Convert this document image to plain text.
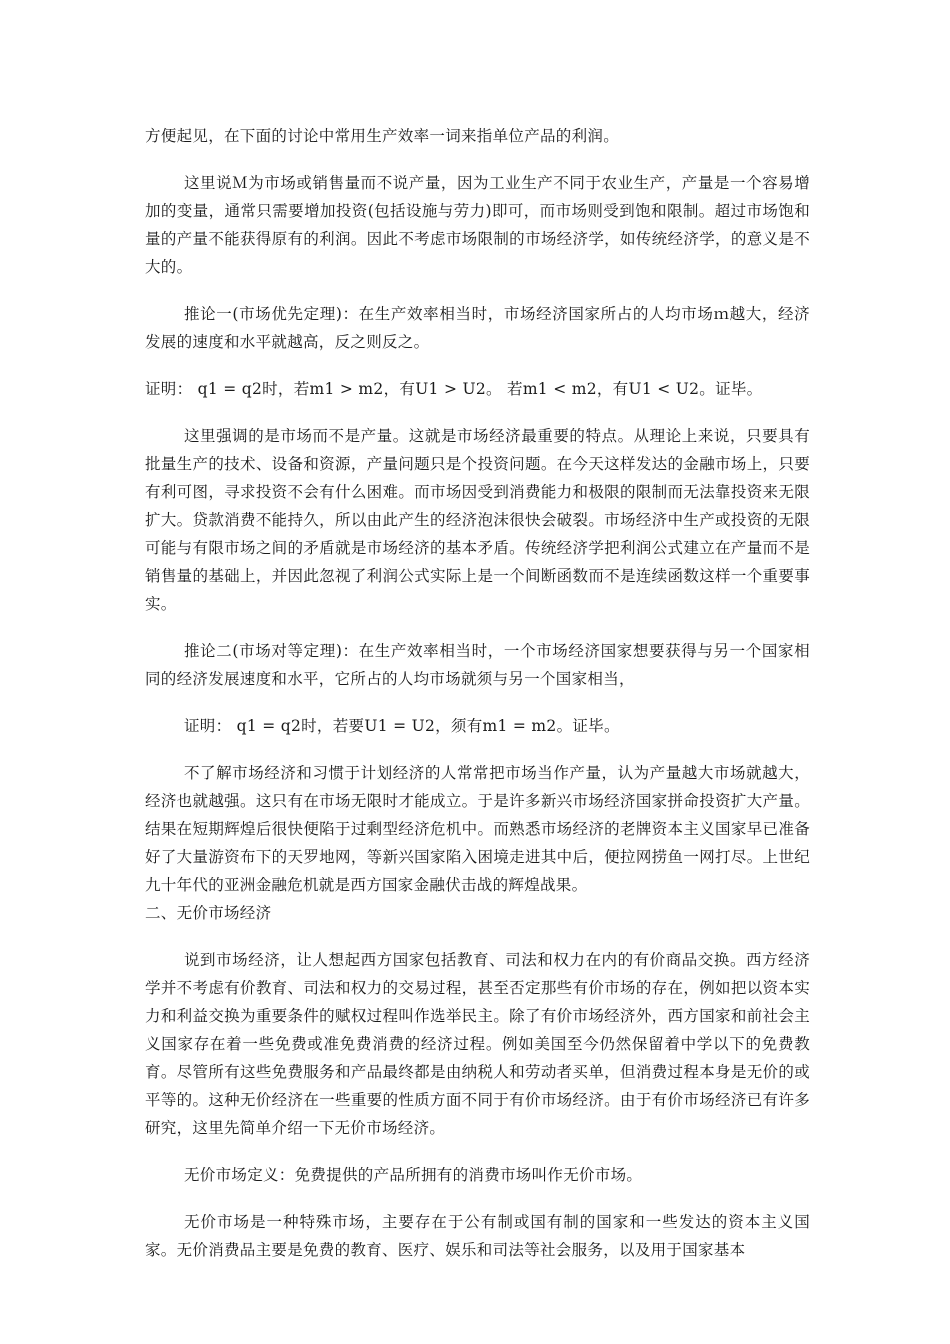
方便起见，在下面的讨论中常用生产效率一词来指单位产品的利润。

这里说Ｍ为市场或销售量而不说产量，因为工业生产不同于农业生产，产量是一个容易增加的变量，通常只需要增加投资(包括设施与劳力)即可，而市场则受到饱和限制。超过市场饱和量的产量不能获得原有的利润。因此不考虑市场限制的市场经济学，如传统经济学，的意义是不大的。

推论一(市场优先定理)：在生产效率相当时，市场经济国家所占的人均市场ｍ越大，经济发展的速度和水平就越高，反之则反之。

证明： q1 = q2时，若m1 > m2，有U1 > U2。 若m1 < m2，有U1 < U2。证毕。

这里强调的是市场而不是产量。这就是市场经济最重要的特点。从理论上来说，只要具有批量生产的技术、设备和资源，产量问题只是个投资问题。在今天这样发达的金融市场上，只要有利可图，寻求投资不会有什么困难。而市场因受到消费能力和极限的限制而无法靠投资来无限扩大。贷款消费不能持久，所以由此产生的经济泡沫很快会破裂。市场经济中生产或投资的无限可能与有限市场之间的矛盾就是市场经济的基本矛盾。传统经济学把利润公式建立在产量而不是销售量的基础上，并因此忽视了利润公式实际上是一个间断函数而不是连续函数这样一个重要事实。

推论二(市场对等定理)：在生产效率相当时，一个市场经济国家想要获得与另一个国家相同的经济发展速度和水平，它所占的人均市场就须与另一个国家相当，

证明： q1 = q2时，若要U1 = U2，须有m1 = m2。证毕。

不了解市场经济和习惯于计划经济的人常常把市场当作产量，认为产量越大市场就越大，经济也就越强。这只有在市场无限时才能成立。于是许多新兴市场经济国家拼命投资扩大产量。结果在短期辉煌后很快便陷于过剩型经济危机中。而熟悉市场经济的老牌资本主义国家早已准备好了大量游资布下的天罗地网，等新兴国家陷入困境走进其中后，便拉网捞鱼一网打尽。上世纪九十年代的亚洲金融危机就是西方国家金融伏击战的辉煌战果。

二、无价市场经济

说到市场经济，让人想起西方国家包括教育、司法和权力在内的有价商品交换。西方经济学并不考虑有价教育、司法和权力的交易过程，甚至否定那些有价市场的存在，例如把以资本实力和利益交换为重要条件的赋权过程叫作选举民主。除了有价市场经济外，西方国家和前社会主义国家存在着一些免费或准免费消费的经济过程。例如美国至今仍然保留着中学以下的免费教育。尽管所有这些免费服务和产品最终都是由纳税人和劳动者买单，但消费过程本身是无价的或平等的。这种无价经济在一些重要的性质方面不同于有价市场经济。由于有价市场经济已有许多研究，这里先简单介绍一下无价市场经济。

无价市场定义：免费提供的产品所拥有的消费市场叫作无价市场。

无价市场是一种特殊市场，主要存在于公有制或国有制的国家和一些发达的资本主义国家。无价消费品主要是免费的教育、医疗、娱乐和司法等社会服务，以及用于国家基本
